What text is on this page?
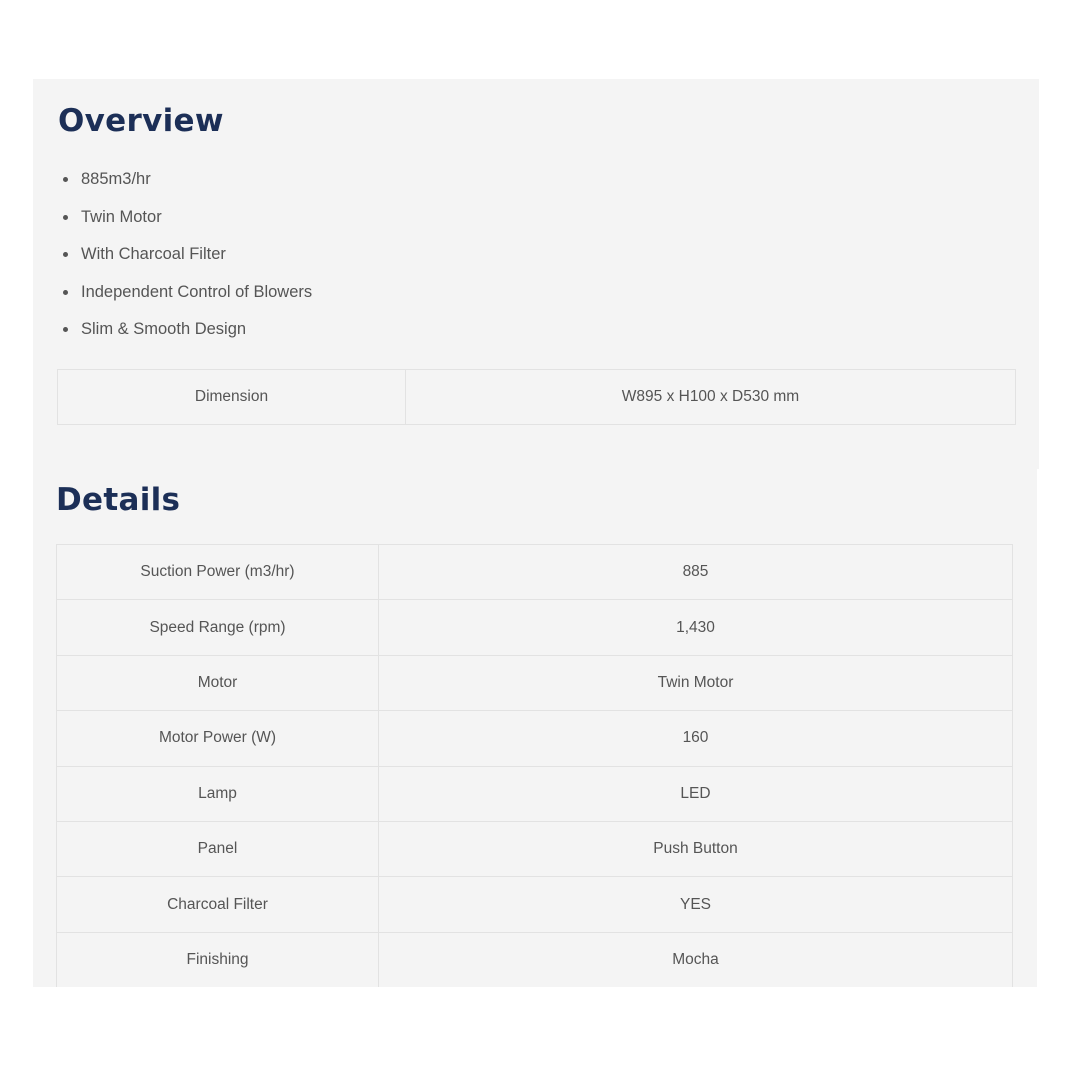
Overview
885m3/hr
Twin Motor
With Charcoal Filter
Independent Control of Blowers
Slim & Smooth Design
Dimension	W895 x H100 x D530 mm
Details
Suction Power (m3/hr)	885
Speed Range (rpm)	1,430
Motor	Twin Motor
Motor Power (W)	160
Lamp	LED
Panel	Push Button
Charcoal Filter	YES
Finishing	Mocha
